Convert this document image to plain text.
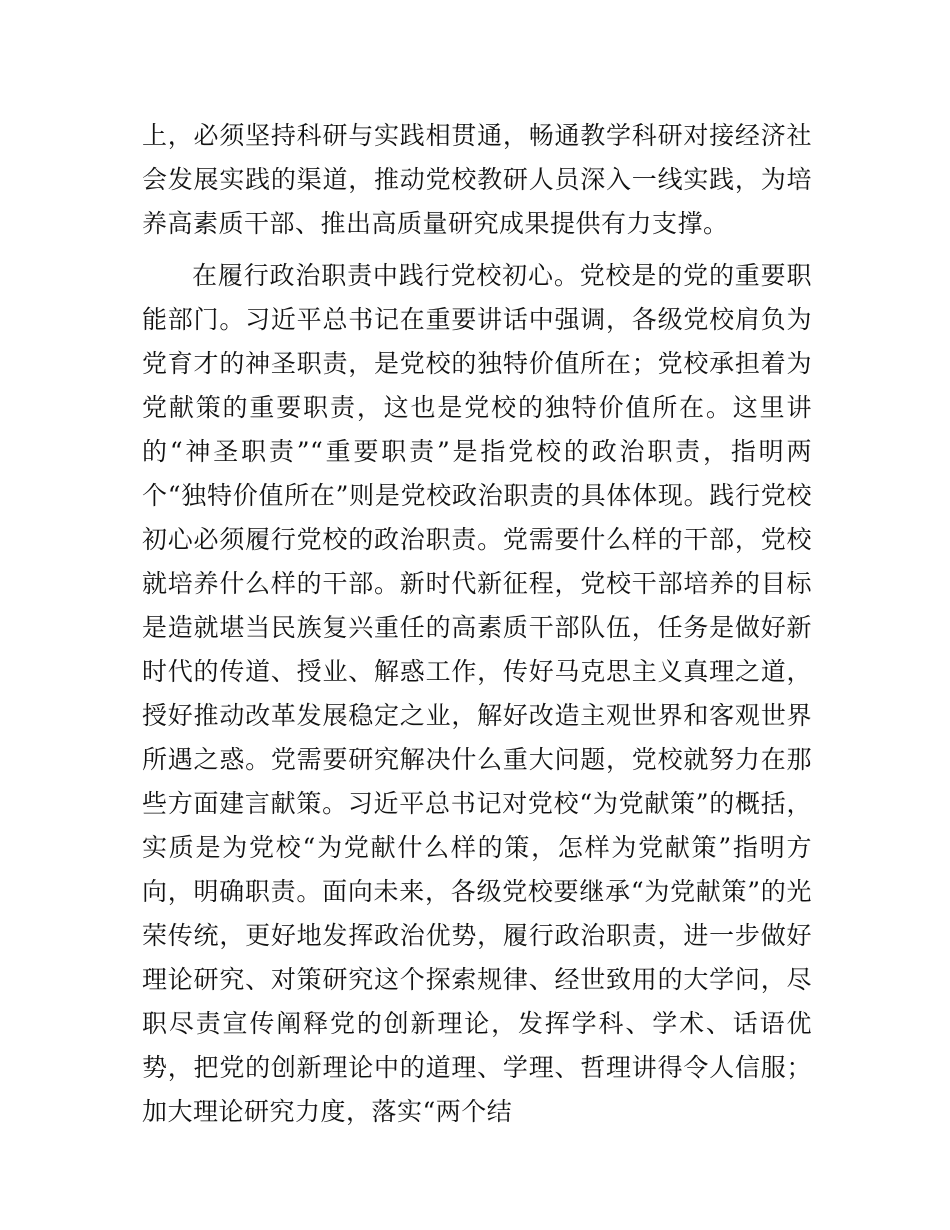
上，必须坚持科研与实践相贯通，畅通教学科研对接经济社会发展实践的渠道，推动党校教研人员深入一线实践，为培养高素质干部、推出高质量研究成果提供有力支撑。

在履行政治职责中践行党校初心。党校是的党的重要职能部门。习近平总书记在重要讲话中强调，各级党校肩负为党育才的神圣职责，是党校的独特价值所在；党校承担着为党献策的重要职责，这也是党校的独特价值所在。这里讲的“神圣职责”“重要职责”是指党校的政治职责，指明两个“独特价值所在”则是党校政治职责的具体体现。践行党校初心必须履行党校的政治职责。党需要什么样的干部，党校就培养什么样的干部。新时代新征程，党校干部培养的目标是造就堪当民族复兴重任的高素质干部队伍，任务是做好新时代的传道、授业、解惑工作，传好马克思主义真理之道，授好推动改革发展稳定之业，解好改造主观世界和客观世界所遇之惑。党需要研究解决什么重大问题，党校就努力在那些方面建言献策。习近平总书记对党校“为党献策”的概括，实质是为党校“为党献什么样的策，怎样为党献策”指明方向，明确职责。面向未来，各级党校要继承“为党献策”的光荣传统，更好地发挥政治优势，履行政治职责，进一步做好理论研究、对策研究这个探索规律、经世致用的大学问，尽职尽责宣传阐释党的创新理论，发挥学科、学术、话语优势，把党的创新理论中的道理、学理、哲理讲得令人信服；加大理论研究力度，落实“两个结
